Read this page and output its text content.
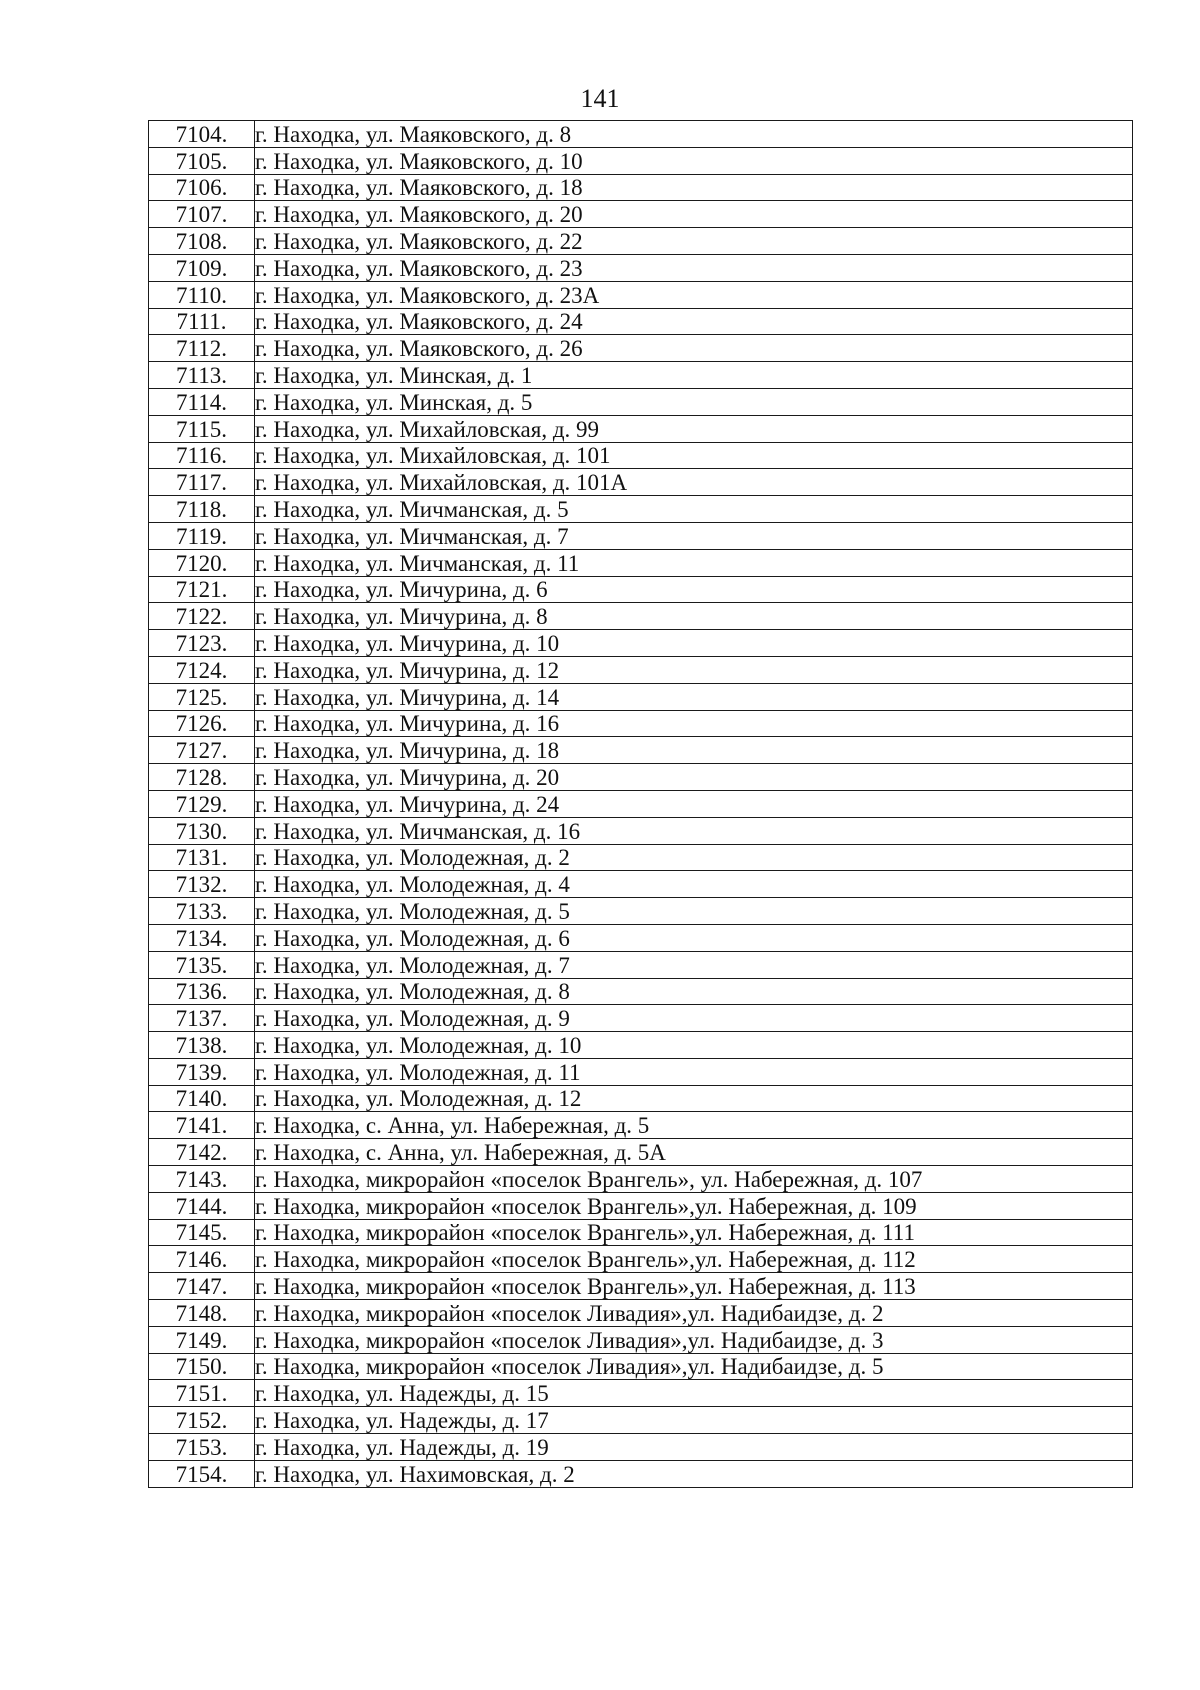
141
7104.	г. Находка, ул. Маяковского, д. 8
7105.	г. Находка, ул. Маяковского, д. 10
7106.	г. Находка, ул. Маяковского, д. 18
7107.	г. Находка, ул. Маяковского, д. 20
7108.	г. Находка, ул. Маяковского, д. 22
7109.	г. Находка, ул. Маяковского, д. 23
7110.	г. Находка, ул. Маяковского, д. 23А
7111.	г. Находка, ул. Маяковского, д. 24
7112.	г. Находка, ул. Маяковского, д. 26
7113.	г. Находка, ул. Минская, д. 1
7114.	г. Находка, ул. Минская, д. 5
7115.	г. Находка, ул. Михайловская, д. 99
7116.	г. Находка, ул. Михайловская, д. 101
7117.	г. Находка, ул. Михайловская, д. 101А
7118.	г. Находка, ул. Мичманская, д. 5
7119.	г. Находка, ул. Мичманская, д. 7
7120.	г. Находка, ул. Мичманская, д. 11
7121.	г. Находка, ул. Мичурина, д. 6
7122.	г. Находка, ул. Мичурина, д. 8
7123.	г. Находка, ул. Мичурина, д. 10
7124.	г. Находка, ул. Мичурина, д. 12
7125.	г. Находка, ул. Мичурина, д. 14
7126.	г. Находка, ул. Мичурина, д. 16
7127.	г. Находка, ул. Мичурина, д. 18
7128.	г. Находка, ул. Мичурина, д. 20
7129.	г. Находка, ул. Мичурина, д. 24
7130.	г. Находка, ул. Мичманская, д. 16
7131.	г. Находка, ул. Молодежная, д. 2
7132.	г. Находка, ул. Молодежная, д. 4
7133.	г. Находка, ул. Молодежная, д. 5
7134.	г. Находка, ул. Молодежная, д. 6
7135.	г. Находка, ул. Молодежная, д. 7
7136.	г. Находка, ул. Молодежная, д. 8
7137.	г. Находка, ул. Молодежная, д. 9
7138.	г. Находка, ул. Молодежная, д. 10
7139.	г. Находка, ул. Молодежная, д. 11
7140.	г. Находка, ул. Молодежная, д. 12
7141.	г. Находка, с. Анна, ул. Набережная, д. 5
7142.	г. Находка, с. Анна, ул. Набережная, д. 5А
7143.	г. Находка, микрорайон «поселок Врангель», ул. Набережная, д. 107
7144.	г. Находка, микрорайон «поселок Врангель»,ул. Набережная, д. 109
7145.	г. Находка, микрорайон «поселок Врангель»,ул. Набережная, д. 111
7146.	г. Находка, микрорайон «поселок Врангель»,ул. Набережная, д. 112
7147.	г. Находка, микрорайон «поселок Врангель»,ул. Набережная, д. 113
7148.	г. Находка, микрорайон «поселок Ливадия»,ул. Надибаидзе, д. 2
7149.	г. Находка, микрорайон «поселок Ливадия»,ул. Надибаидзе, д. 3
7150.	г. Находка, микрорайон «поселок Ливадия»,ул. Надибаидзе, д. 5
7151.	г. Находка, ул. Надежды, д. 15
7152.	г. Находка, ул. Надежды, д. 17
7153.	г. Находка, ул. Надежды, д. 19
7154.	г. Находка, ул. Нахимовская, д. 2
